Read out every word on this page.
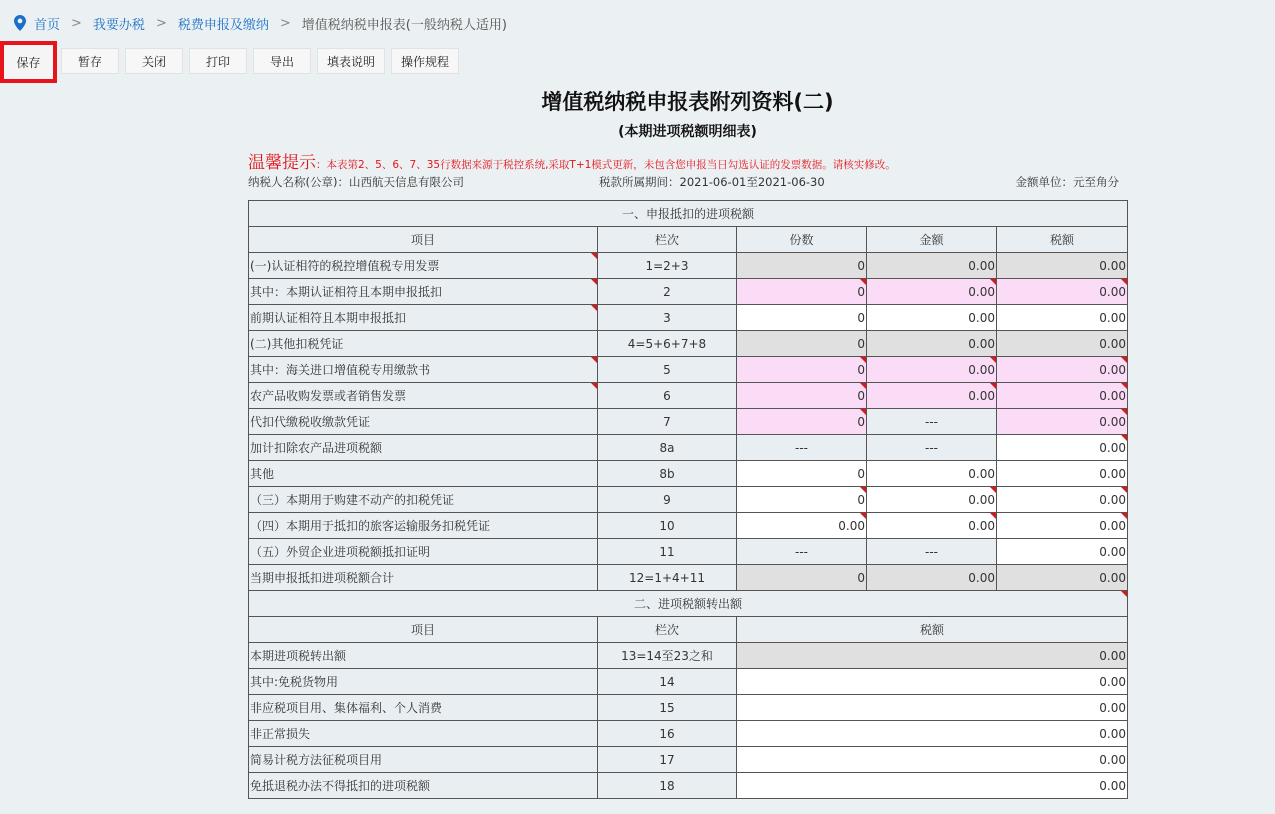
首页 > 我要办税 > 税费申报及缴纳 > 增值税纳税申报表(一般纳税人适用)
保存	暂存	关闭	打印	导出	填表说明	操作规程
增值税纳税申报表附列资料(二)
(本期进项税额明细表)
温馨提示：本表第2、5、6、7、35行数据来源于税控系统,采取T+1模式更新，未包含您申报当日勾选认证的发票数据。请核实修改。
纳税人名称(公章)：山西航天信息有限公司	税款所属期间：2021-06-01至2021-06-30	金额单位：元至角分
一、申报抵扣的进项税额				
项目	栏次	份数	金额	税额
(一)认证相符的税控增值税专用发票	1=2+3	0	0.00	0.00
其中：本期认证相符且本期申报抵扣	2	0	0.00	0.00

前期认证相符且本期申报抵扣	3	0	0.00	0.00
(二)其他扣税凭证	4=5+6+7+8	0	0.00	0.00
其中：海关进口增值税专用缴款书	5	0	0.00	0.00

农产品收购发票或者销售发票	6	0	0.00	0.00

代扣代缴税收缴款凭证	7	0	---	0.00

加计扣除农产品进项税额	8a	---	---	0.00

其他	8b	0	0.00	0.00
（三）本期用于购建不动产的扣税凭证	9	0	0.00	0.00

（四）本期用于抵扣的旅客运输服务扣税凭证	10	0.00	0.00	0.00

（五）外贸企业进项税额抵扣证明	11	---	---	0.00
当期申报抵扣进项税额合计	12=1+4+11	0	0.00	0.00
二、进项税额转出额				

项目	栏次	税额		
本期进项税转出额	13=14至23之和	0.00		
其中:免税货物用	14	0.00		
非应税项目用、集体福利、个人消费	15	0.00		
非正常损失	16	0.00		
简易计税方法征税项目用	17	0.00		
免抵退税办法不得抵扣的进项税额	18	0.00		
